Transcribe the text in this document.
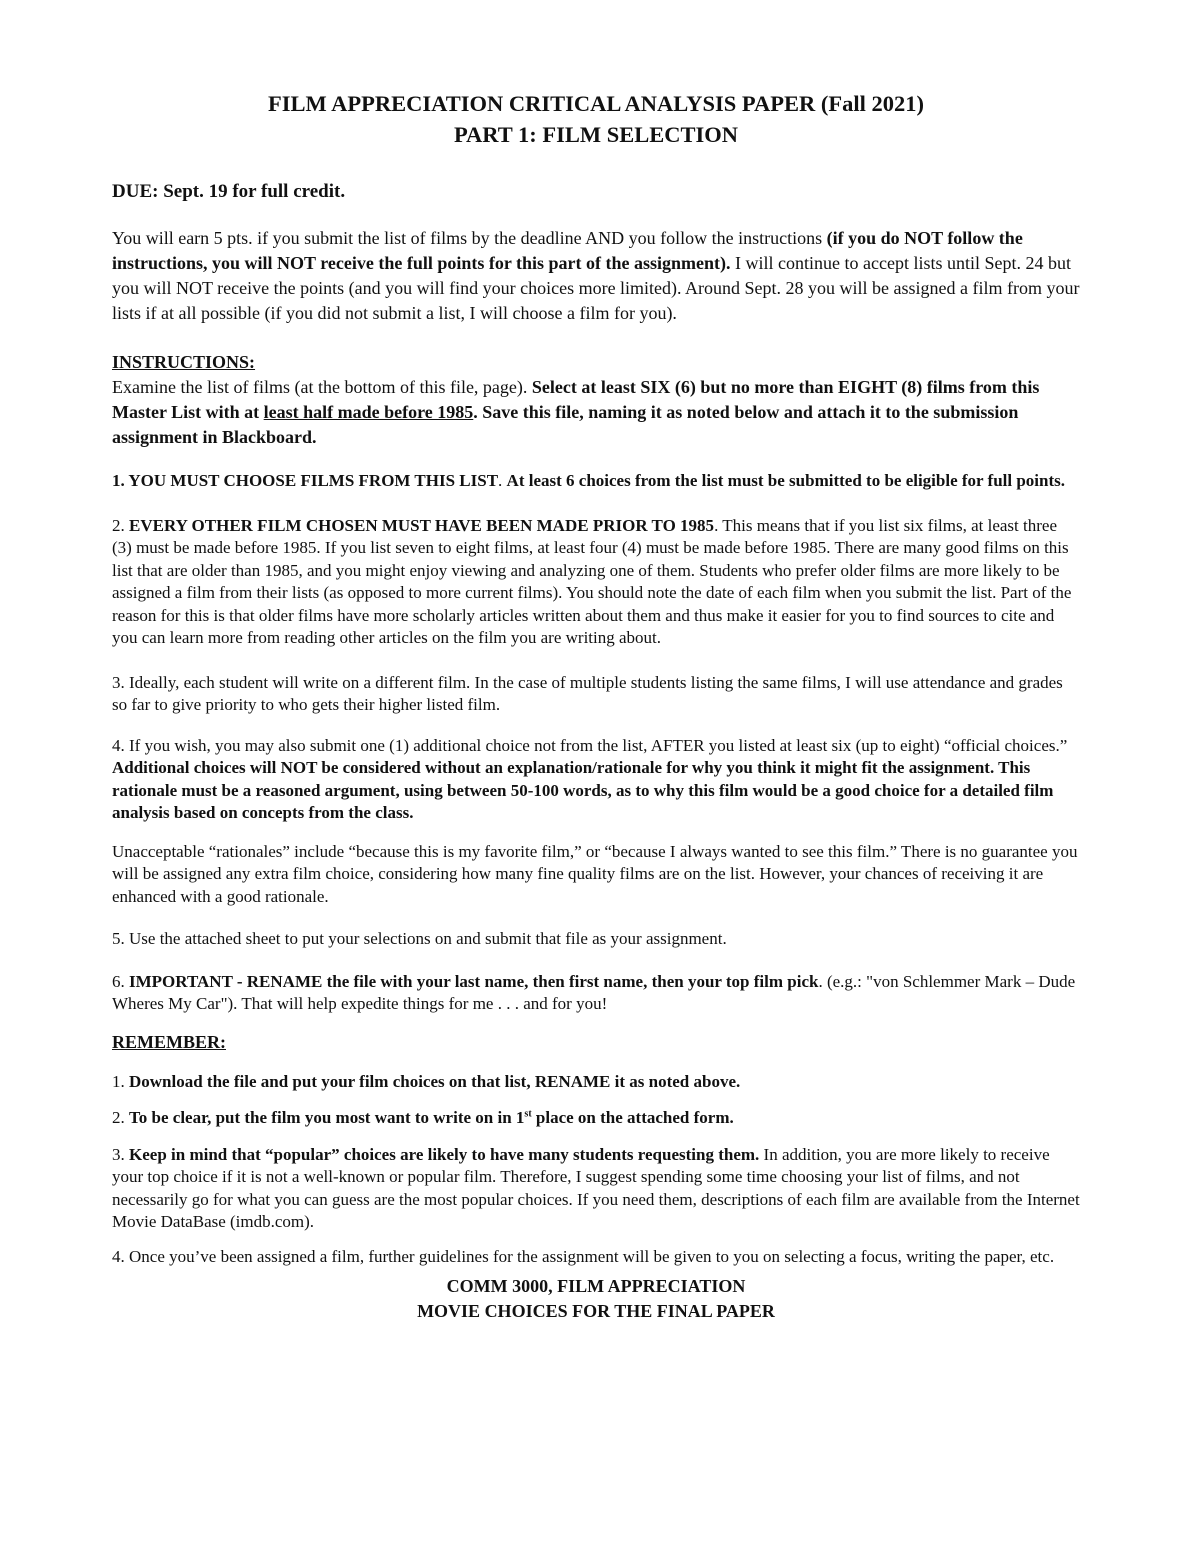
FILM APPRECIATION CRITICAL ANALYSIS PAPER (Fall 2021)
PART 1: FILM SELECTION

DUE: Sept. 19 for full credit.

You will earn 5 pts. if you submit the list of films by the deadline AND you follow the instructions (if you do NOT follow the instructions, you will NOT receive the full points for this part of the assignment). I will continue to accept lists until Sept. 24 but you will NOT receive the points (and you will find your choices more limited). Around Sept. 28 you will be assigned a film from your lists if at all possible (if you did not submit a list, I will choose a film for you).

INSTRUCTIONS:
Examine the list of films (at the bottom of this file, page). Select at least SIX (6) but no more than EIGHT (8) films from this Master List with at least half made before 1985. Save this file, naming it as noted below and attach it to the submission assignment in Blackboard.

1. YOU MUST CHOOSE FILMS FROM THIS LIST. At least 6 choices from the list must be submitted to be eligible for full points.

2. EVERY OTHER FILM CHOSEN MUST HAVE BEEN MADE PRIOR TO 1985. This means that if you list six films, at least three (3) must be made before 1985. If you list seven to eight films, at least four (4) must be made before 1985. There are many good films on this list that are older than 1985, and you might enjoy viewing and analyzing one of them. Students who prefer older films are more likely to be assigned a film from their lists (as opposed to more current films). You should note the date of each film when you submit the list. Part of the reason for this is that older films have more scholarly articles written about them and thus make it easier for you to find sources to cite and you can learn more from reading other articles on the film you are writing about.

3. Ideally, each student will write on a different film. In the case of multiple students listing the same films, I will use attendance and grades so far to give priority to who gets their higher listed film.

4. If you wish, you may also submit one (1) additional choice not from the list, AFTER you listed at least six (up to eight) “official choices.” Additional choices will NOT be considered without an explanation/rationale for why you think it might fit the assignment. This rationale must be a reasoned argument, using between 50-100 words, as to why this film would be a good choice for a detailed film analysis based on concepts from the class.

Unacceptable “rationales” include “because this is my favorite film,” or “because I always wanted to see this film.” There is no guarantee you will be assigned any extra film choice, considering how many fine quality films are on the list. However, your chances of receiving it are enhanced with a good rationale.

5. Use the attached sheet to put your selections on and submit that file as your assignment.

6. IMPORTANT - RENAME the file with your last name, then first name, then your top film pick. (e.g.: "von Schlemmer Mark – Dude Wheres My Car"). That will help expedite things for me . . . and for you!

REMEMBER:

1. Download the file and put your film choices on that list, RENAME it as noted above.

2. To be clear, put the film you most want to write on in 1st place on the attached form.

3. Keep in mind that “popular” choices are likely to have many students requesting them. In addition, you are more likely to receive your top choice if it is not a well-known or popular film. Therefore, I suggest spending some time choosing your list of films, and not necessarily go for what you can guess are the most popular choices. If you need them, descriptions of each film are available from the Internet Movie DataBase (imdb.com).

4. Once you’ve been assigned a film, further guidelines for the assignment will be given to you on selecting a focus, writing the paper, etc.

COMM 3000, FILM APPRECIATION
MOVIE CHOICES FOR THE FINAL PAPER
